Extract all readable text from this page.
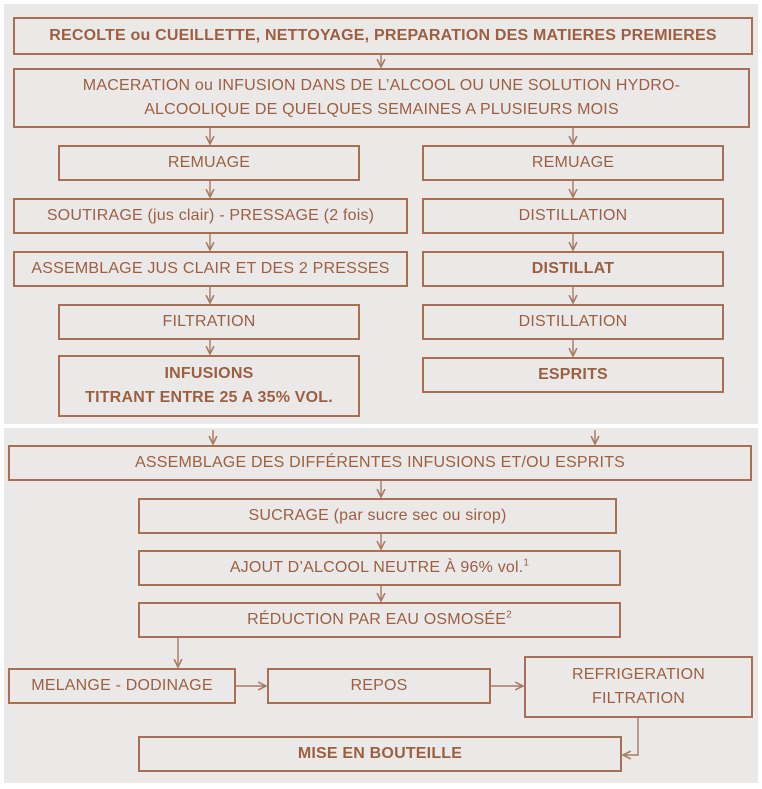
RECOLTE ou CUEILLETTE, NETTOYAGE, PREPARATION DES MATIERES PREMIERES
MACERATION ou INFUSION DANS DE L’ALCOOL OU UNE SOLUTION HYDRO-
ALCOOLIQUE DE QUELQUES SEMAINES A PLUSIEURS MOIS
REMUAGE
SOUTIRAGE (jus clair) - PRESSAGE (2 fois)
ASSEMBLAGE JUS CLAIR ET DES 2 PRESSES
FILTRATION
INFUSIONS
TITRANT ENTRE 25 A 35% VOL.
REMUAGE
DISTILLATION
DISTILLAT
DISTILLATION
ESPRITS
ASSEMBLAGE DES DIFFÉRENTES INFUSIONS ET/OU ESPRITS
SUCRAGE (par sucre sec ou sirop)
AJOUT D’ALCOOL NEUTRE À 96% vol.$^1$
RÉDUCTION PAR EAU OSMOSÉE$^2$
MELANGE - DODINAGE	REPOS
REFRIGERATION
FILTRATION
MISE EN BOUTEILLE
